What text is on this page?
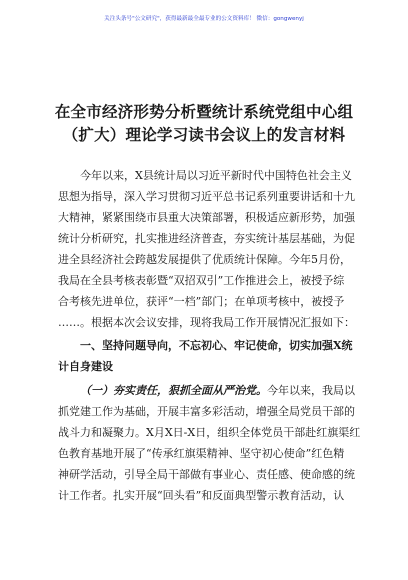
关注头条号"公文研究"，获得最新最全最专业的公文资料库！ 微信：gongwenyj
在全市经济形势分析暨统计系统党组中心组
（扩大）理论学习读书会议上的发言材料
今年以来，X县统计局以习近平新时代中国特色社会主义
思想为指导，深入学习贯彻习近平总书记系列重要讲话和十九
大精神，紧紧围绕市县重大决策部署，积极适应新形势，加强
统计分析研究，扎实推进经济普查，夯实统计基层基础，为促
进全县经济社会跨越发展提供了优质统计保障。今年5月份，
我局在全县考核表彰暨“双招双引”工作推进会上，被授予综
合考核先进单位，获评“一档”部门；在单项考核中，被授予
……。根据本次会议安排，现将我局工作开展情况汇报如下：
一、坚持问题导向，不忘初心、牢记使命，切实加强X统
计自身建设
（一）夯实责任，狠抓全面从严治党。今年以来，我局以
抓党建工作为基础，开展丰富多彩活动，增强全局党员干部的
战斗力和凝聚力。X月X日-X日，组织全体党员干部赴红旗渠红
色教育基地开展了“传承红旗渠精神、坚守初心使命”红色精
神研学活动，引导全局干部做有事业心、责任感、使命感的统
计工作者。扎实开展“回头看”和反面典型警示教育活动，认
